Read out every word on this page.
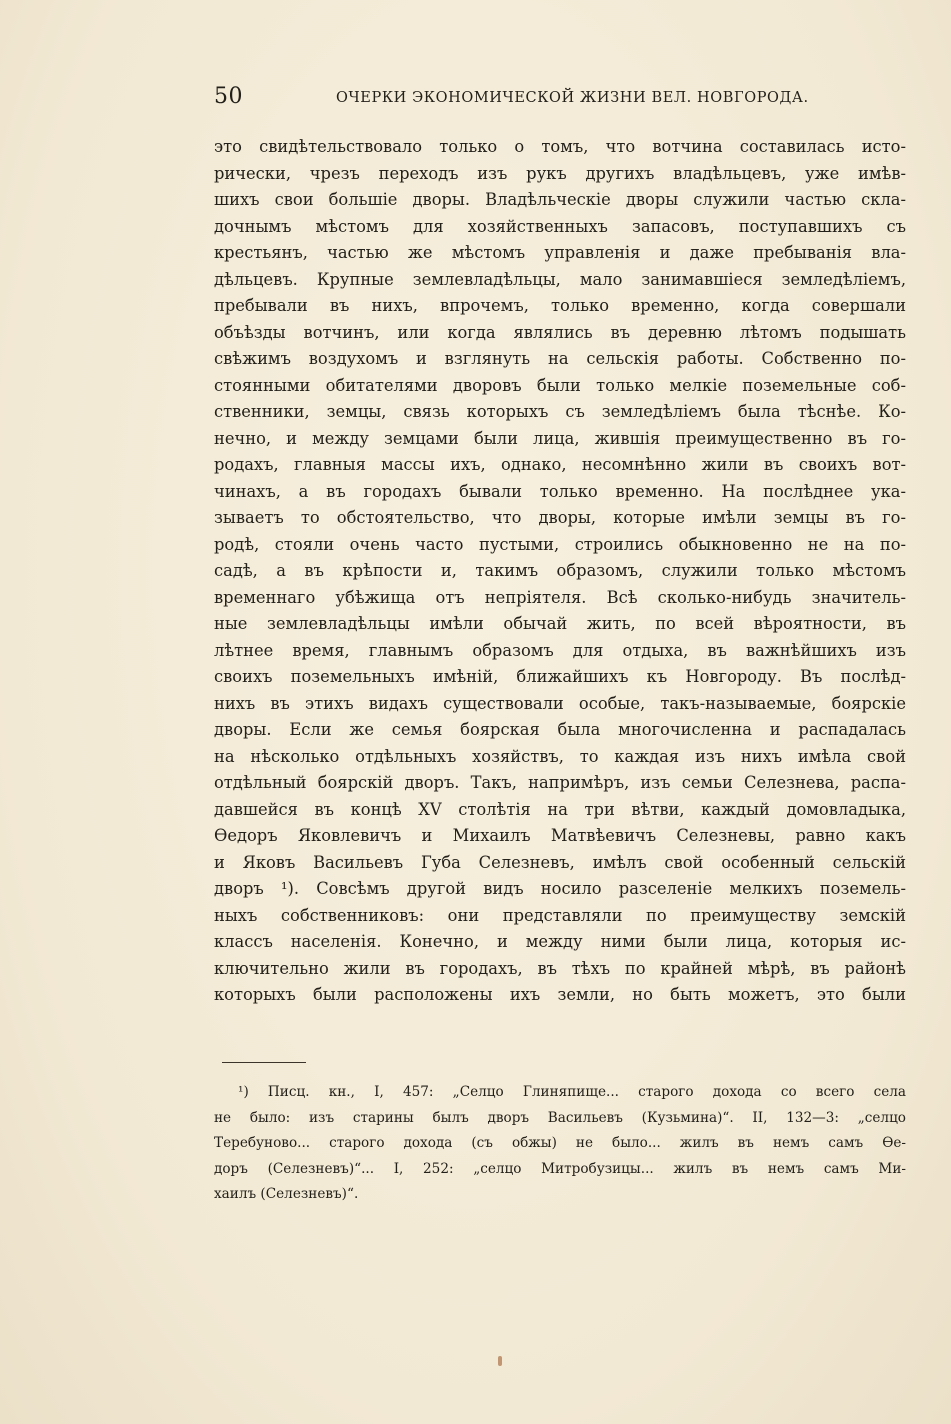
50	ОЧЕРКИ ЭКОНОМИЧЕСКОЙ ЖИЗНИ ВЕЛ. НОВГОРОДА.
это свидѣтельствовало только о томъ, что вотчина составилась исто-
рически, чрезъ переходъ изъ рукъ другихъ владѣльцевъ, уже имѣв-
шихъ свои большіе дворы. Владѣльческіе дворы служили частью скла-
дочнымъ мѣстомъ для хозяйственныхъ запасовъ, поступавшихъ съ
крестьянъ, частью же мѣстомъ управленія и даже пребыванія вла-
дѣльцевъ. Крупные землевладѣльцы, мало занимавшіеся земледѣліемъ,
пребывали въ нихъ, впрочемъ, только временно, когда совершали
объѣзды вотчинъ, или когда являлись въ деревню лѣтомъ подышать
свѣжимъ воздухомъ и взглянуть на сельскія работы. Собственно по-
стоянными обитателями дворовъ были только мелкіе поземельные соб-
ственники, земцы, связь которыхъ съ земледѣліемъ была тѣснѣе. Ко-
нечно, и между земцами были лица, жившія преимущественно въ го-
родахъ, главныя массы ихъ, однако, несомнѣнно жили въ своихъ вот-
чинахъ, а въ городахъ бывали только временно. На послѣднее ука-
зываетъ то обстоятельство, что дворы, которые имѣли земцы въ го-
родѣ, стояли очень часто пустыми, строились обыкновенно не на по-
садѣ, а въ крѣпости и, такимъ образомъ, служили только мѣстомъ
временнаго убѣжища отъ непріятеля. Всѣ сколько-нибудь значитель-
ные землевладѣльцы имѣли обычай жить, по всей вѣроятности, въ
лѣтнее время, главнымъ образомъ для отдыха, въ важнѣйшихъ изъ
своихъ поземельныхъ имѣній, ближайшихъ къ Новгороду. Въ послѣд-
нихъ въ этихъ видахъ существовали особые, такъ-называемые, боярскіе
дворы. Если же семья боярская была многочисленна и распадалась
на нѣсколько отдѣльныхъ хозяйствъ, то каждая изъ нихъ имѣла свой
отдѣльный боярскій дворъ. Такъ, напримѣръ, изъ семьи Селезнева, распа-
давшейся въ концѣ XV столѣтія на три вѣтви, каждый домовладыка,
Ѳедоръ Яковлевичъ и Михаилъ Матвѣевичъ Селезневы, равно какъ
и Яковъ Васильевъ Губа Селезневъ, имѣлъ свой особенный сельскій
дворъ ¹). Совсѣмъ другой видъ носило разселеніе мелкихъ поземель-
ныхъ собственниковъ: они представляли по преимуществу земскій
классъ населенія. Конечно, и между ними были лица, которыя ис-
ключительно жили въ городахъ, въ тѣхъ по крайней мѣрѣ, въ районѣ
которыхъ были расположены ихъ земли, но быть можетъ, это были
¹) Писц. кн., I, 457: „Селцо Глиняпище... старого дохода со всего села
не было: изъ старины былъ дворъ Васильевъ (Кузьмина)“. II, 132—3: „селцо
Теребуново... старого дохода (съ обжы) не было... жилъ въ немъ самъ Ѳе-
доръ (Селезневъ)“... I, 252: „селцо Митробузицы... жилъ въ немъ самъ Ми-
хаилъ (Селезневъ)“.
